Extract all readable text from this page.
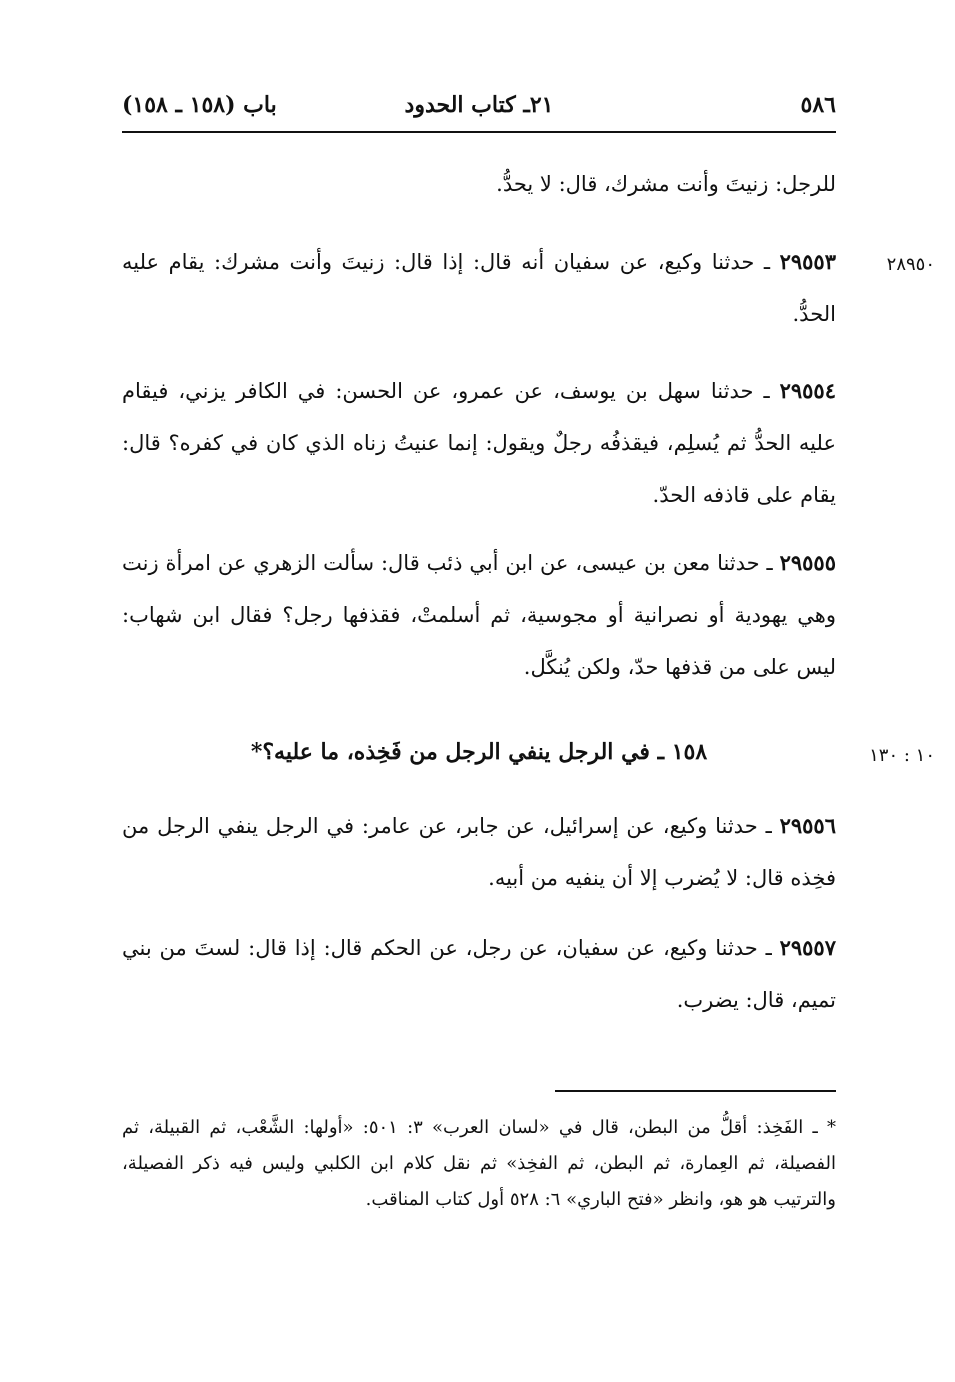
٥٨٦
٢١ـ كتاب الحدود
باب (١٥٨ ـ ١٥٨)

للرجل: زنيتَ وأنت مشرك، قال: لا يحدُّ.

٢٨٩٥٠

٢٩٥٥٣ ـ حدثنا وكيع، عن سفيان أنه قال: إذا قال: زنيتَ وأنت مشرك: يقام عليه الحدُّ.

٢٩٥٥٤ ـ حدثنا سهل بن يوسف، عن عمرو، عن الحسن: في الكافر يزني، فيقام عليه الحدُّ ثم يُسلِم، فيقذفُه رجلٌ ويقول: إنما عنيتُ زناه الذي كان في كفره؟ قال: يقام على قاذفه الحدّ.

٢٩٥٥٥ ـ حدثنا معن بن عيسى، عن ابن أبي ذئب قال: سألت الزهري عن امرأة زنت وهي يهودية أو نصرانية أو مجوسية، ثم أسلمتْ، فقذفها رجل؟ فقال ابن شهاب: ليس على من قذفها حدّ، ولكن يُنكَّل.

١٠ : ١٣٠
١٥٨ ـ في الرجل ينفي الرجل من فَخِذه، ما عليه؟*

٢٩٥٥٦ ـ حدثنا وكيع، عن إسرائيل، عن جابر، عن عامر: في الرجل ينفي الرجل من فخِذه قال: لا يُضرب إلا أن ينفيه من أبيه.

٢٩٥٥٧ ـ حدثنا وكيع، عن سفيان، عن رجل، عن الحكم قال: إذا قال: لستَ من بني تميم، قال: يضرب.

* ـ الفَخِذ: أقلُّ من البطن، قال في «لسان العرب» ٣: ٥٠١: «أولها: الشَّعْب، ثم القبيلة، ثم الفصيلة، ثم العِمارة، ثم البطن، ثم الفخِذ» ثم نقل كلام ابن الكلبي وليس فيه ذكر الفصيلة، والترتيب هو هو، وانظر «فتح الباري» ٦: ٥٢٨ أول كتاب المناقب.
